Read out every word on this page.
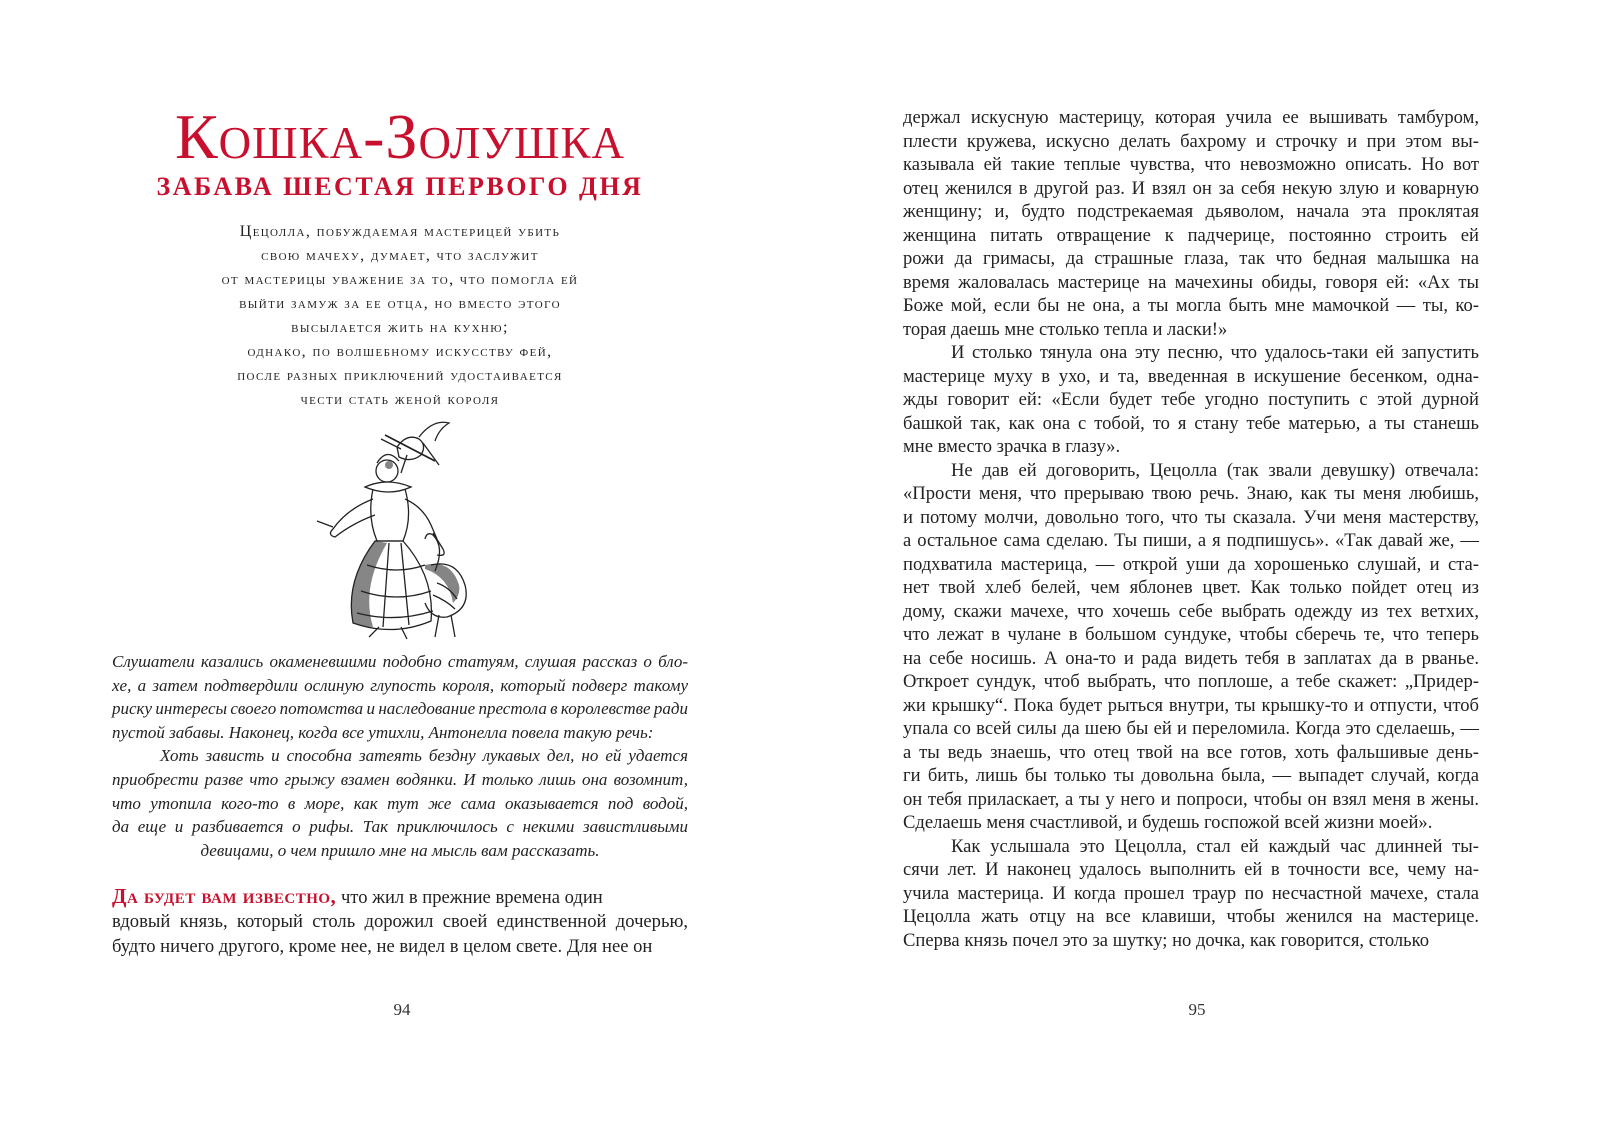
Кошка-Золушка
ЗАБАВА ШЕСТАЯ ПЕРВОГО ДНЯ
Цецолла, побуждаемая мастерицей убить
свою мачеху, думает, что заслужит
от мастерицы уважение за то, что помогла ей
выйти замуж за ее отца, но вместо этого
высылается жить на кухню;
однако, по волшебному искусству фей,
после разных приключений удостаивается
чести стать женой короля
Слушатели казались окаменевшими подобно статуям, слушая рассказ о бло-
хе, а затем подтвердили ослиную глупость короля, который подверг такому
риску интересы своего потомства и наследование престола в королевстве ради
пустой забавы. Наконец, когда все утихли, Антонелла повела такую речь:
Хоть зависть и способна затеять бездну лукавых дел, но ей удается
приобрести разве что грыжу взамен водянки. И только лишь она возомнит,
что утопила кого-то в море, как тут же сама оказывается под водой,
да еще и разбивается о рифы. Так приключилось с некими завистливыми
девицами, о чем пришло мне на мысль вам рассказать.
Да будет вам известно, что жил в прежние времена один
вдовый князь, который столь дорожил своей единственной дочерью,
будто ничего другого, кроме нее, не видел в целом свете. Для нее он
94	95
держал искусную мастерицу, которая учила ее вышивать тамбуром,
плести кружева, искусно делать бахрому и строчку и при этом вы-
казывала ей такие теплые чувства, что невозможно описать. Но вот
отец женился в другой раз. И взял он за себя некую злую и коварную
женщину; и, будто подстрекаемая дьяволом, начала эта проклятая
женщина питать отвращение к падчерице, постоянно строить ей
рожи да гримасы, да страшные глаза, так что бедная малышка на
время жаловалась мастерице на мачехины обиды, говоря ей: «Ах ты
Боже мой, если бы не она, а ты могла быть мне мамочкой — ты, ко-
торая даешь мне столько тепла и ласки!»
И столько тянула она эту песню, что удалось-таки ей запустить
мастерице муху в ухо, и та, введенная в искушение бесенком, одна-
жды говорит ей: «Если будет тебе угодно поступить с этой дурной
башкой так, как она с тобой, то я стану тебе матерью, а ты станешь
мне вместо зрачка в глазу».
Не дав ей договорить, Цецолла (так звали девушку) отвечала:
«Прости меня, что прерываю твою речь. Знаю, как ты меня любишь,
и потому молчи, довольно того, что ты сказала. Учи меня мастерству,
а остальное сама сделаю. Ты пиши, а я подпишусь». «Так давай же, —
подхватила мастерица, — открой уши да хорошенько слушай, и ста-
нет твой хлеб белей, чем яблонев цвет. Как только пойдет отец из
дому, скажи мачехе, что хочешь себе выбрать одежду из тех ветхих,
что лежат в чулане в большом сундуке, чтобы сберечь те, что теперь
на себе носишь. А она-то и рада видеть тебя в заплатах да в рванье.
Откроет сундук, чтоб выбрать, что поплоше, а тебе скажет: „Придер-
жи крышку“. Пока будет рыться внутри, ты крышку-то и отпусти, чтоб
упала со всей силы да шею бы ей и переломила. Когда это сделаешь, —
а ты ведь знаешь, что отец твой на все готов, хоть фальшивые день-
ги бить, лишь бы только ты довольна была, — выпадет случай, когда
он тебя приласкает, а ты у него и попроси, чтобы он взял меня в жены.
Сделаешь меня счастливой, и будешь госпожой всей жизни моей».
Как услышала это Цецолла, стал ей каждый час длинней ты-
сячи лет. И наконец удалось выполнить ей в точности все, чему на-
учила мастерица. И когда прошел траур по несчастной мачехе, стала
Цецолла жать отцу на все клавиши, чтобы женился на мастерице.
Сперва князь почел это за шутку; но дочка, как говорится, столько
